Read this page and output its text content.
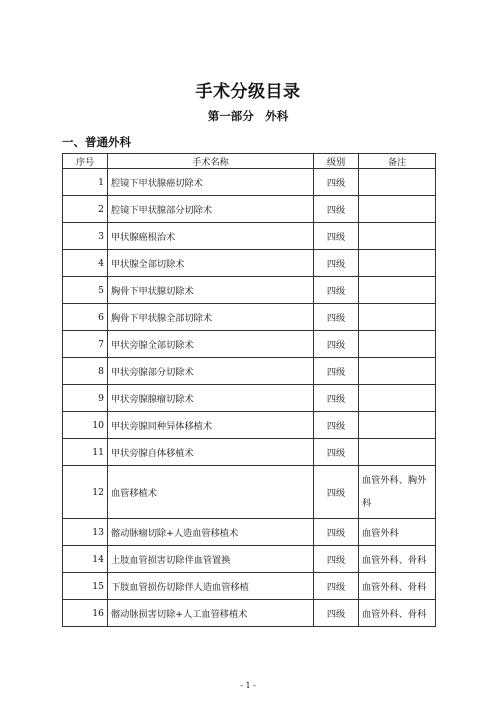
手术分级目录
第一部分　外科
一、普通外科
序号	手术名称	级别	备注
1	腔镜下甲状腺癌切除术	四级	
2	腔镜下甲状腺部分切除术	四级	
3	甲状腺癌根治术	四级	
4	甲状腺全部切除术	四级	
5	胸骨下甲状腺切除术	四级	
6	胸骨下甲状腺全部切除术	四级	
7	甲状旁腺全部切除术	四级	
8	甲状旁腺部分切除术	四级	
9	甲状旁腺腺瘤切除术	四级	
10	甲状旁腺同种异体移植术	四级	
11	甲状旁腺自体移植术	四级	
12	血管移植术	四级	血管外科、胸外科
13	髂动脉瘤切除+人造血管移植术	四级	血管外科
14	上肢血管损害切除伴血管置换	四级	血管外科、骨科
15	下肢血管损伤切除伴人造血管移植	四级	血管外科、骨科
16	髂动脉损害切除+人工血管移植术	四级	血管外科、骨科
- 1 -
